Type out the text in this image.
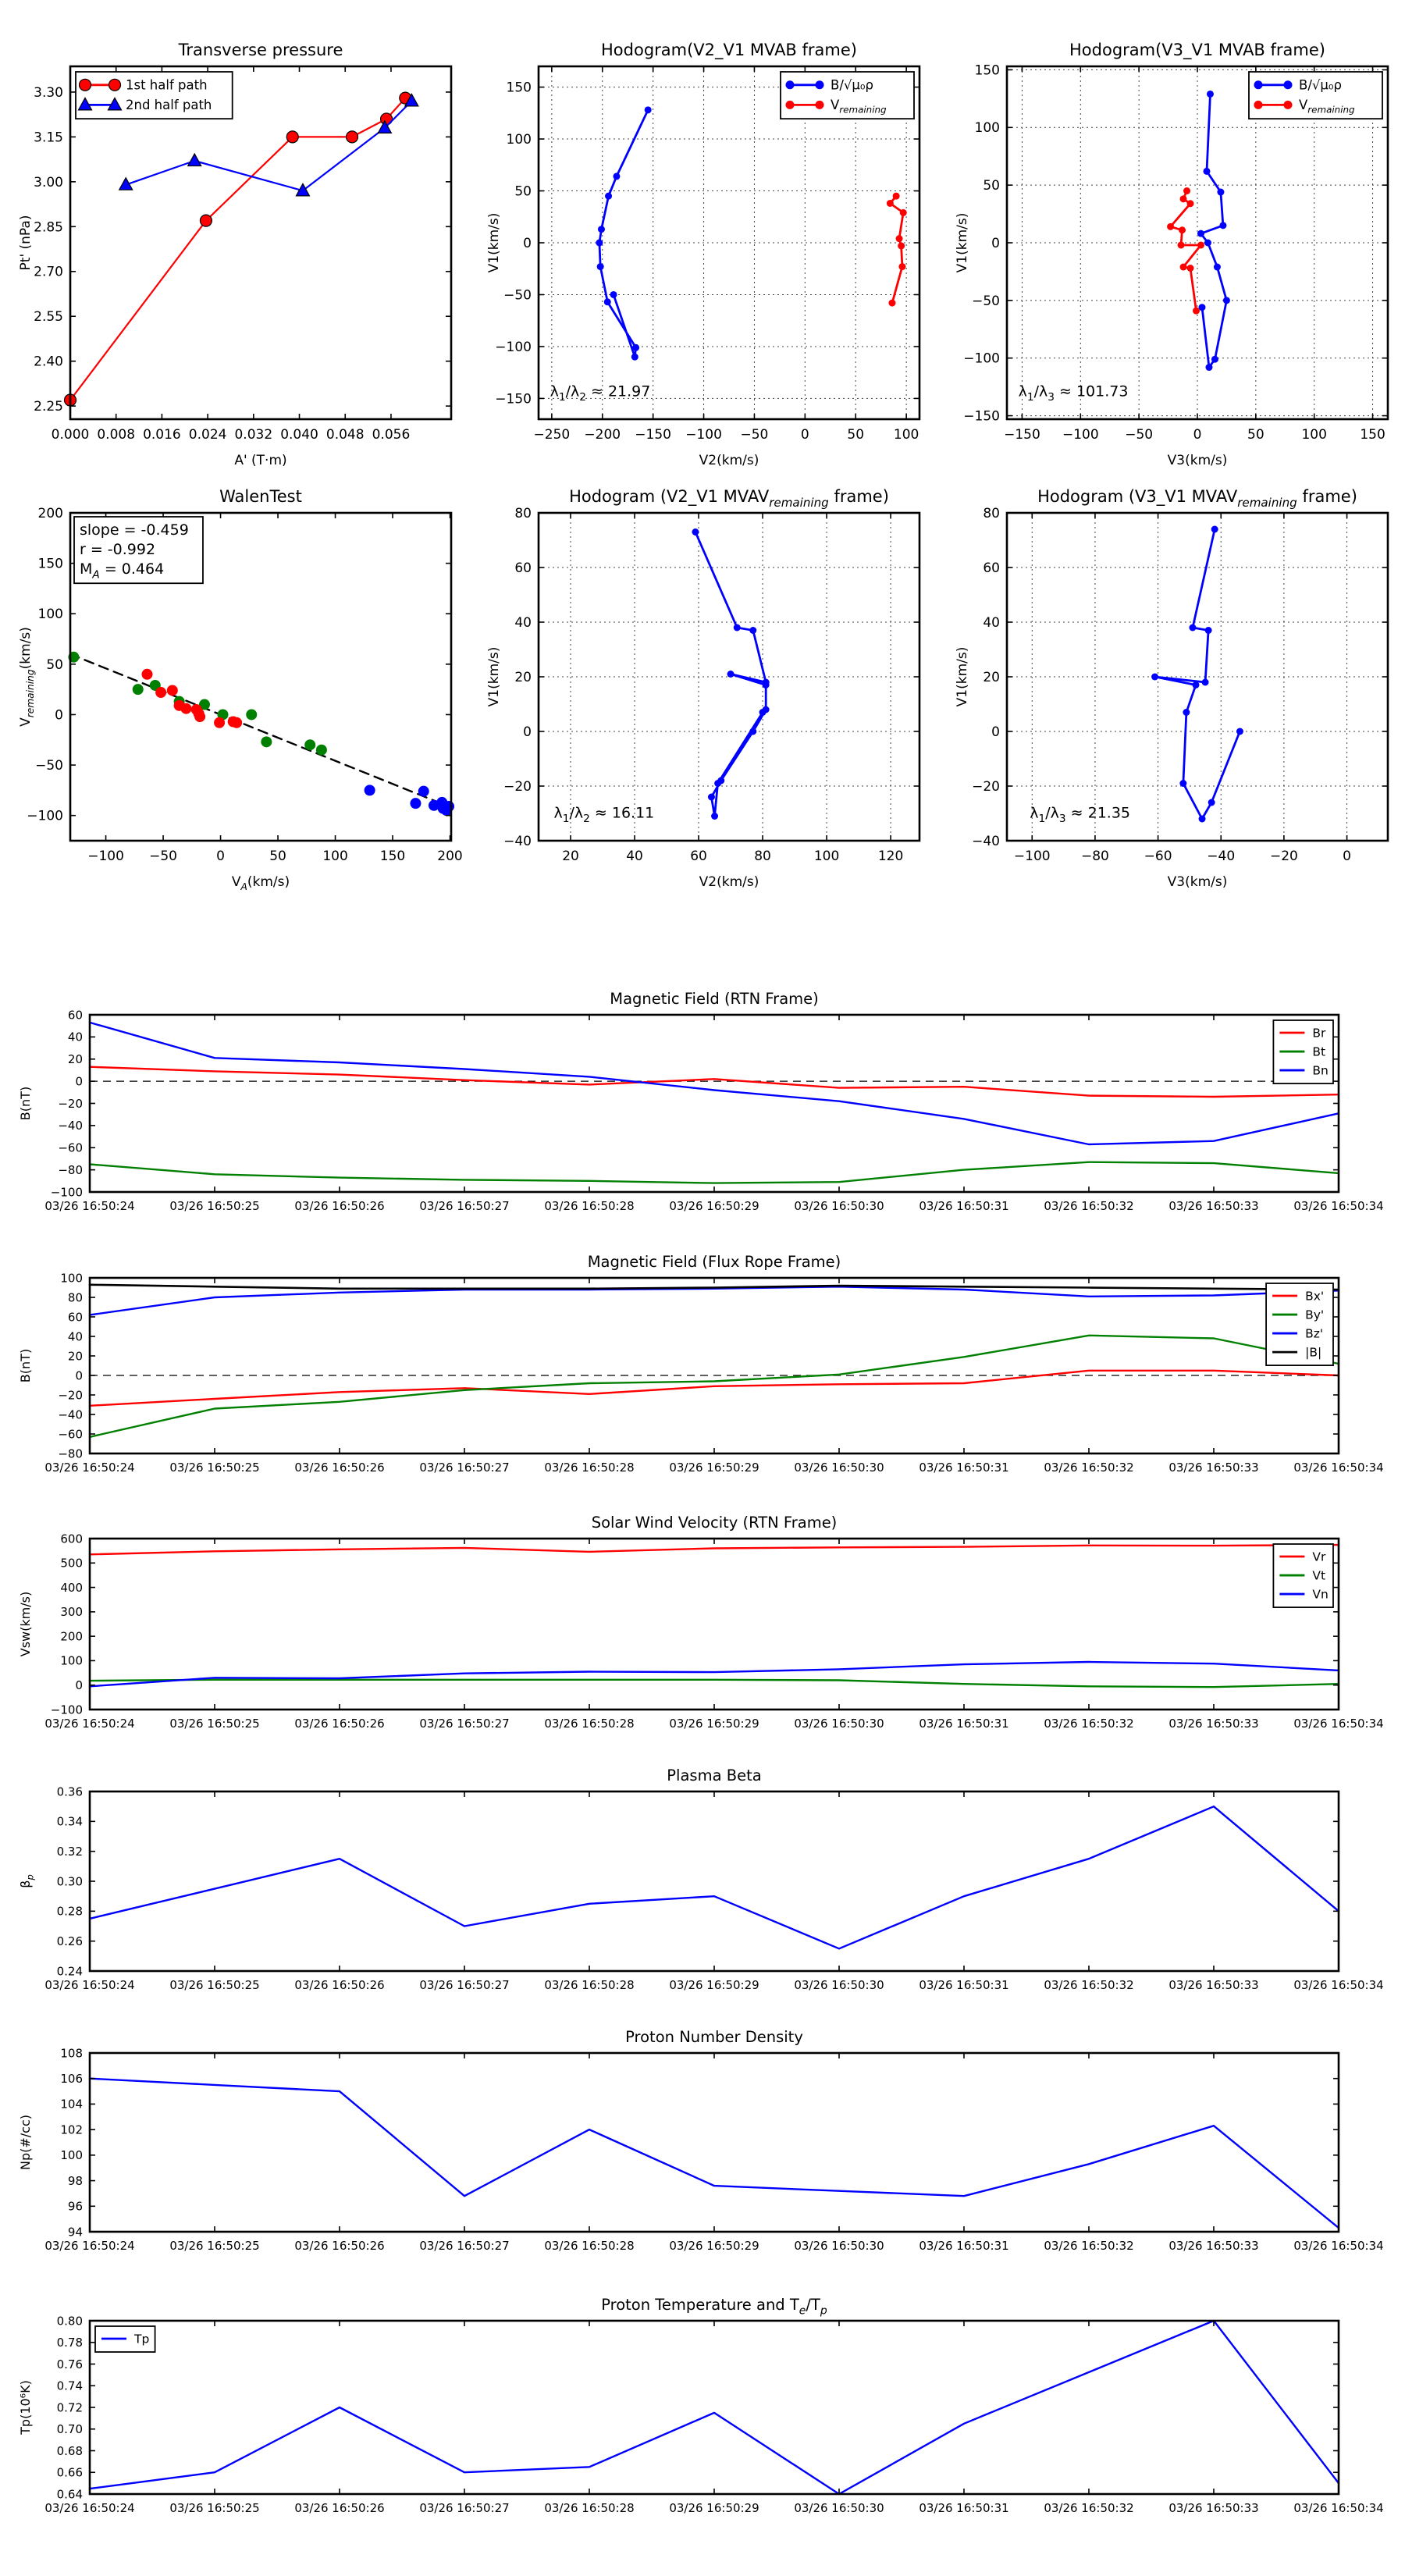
0.000 0.008 0.016 0.024 0.032 0.040 0.048 0.056
2.25
2.40
2.55
2.70
2.85
3.00
3.15
3.30
Transverse pressure
A' (T·m)
Pt' (nPa)
1st half path
2nd half path
−250 −200 −150 −100 −50 0	50 100
−150
−100
−50
0
50
100
150
Hodogram(V2_V1 MVAB frame)
V2(km/s)
V1(km/s)
B/√μ₀ρ
$V_{remaining}$
$\lambda_1/\lambda_2 \approx 21.97$
−150 −100 −50	0	50	100 150
−150
−100
−50
0
50
100
150
Hodogram(V3_V1 MVAB frame)
V3(km/s)
V1(km/s)
B/√μ₀ρ
$V_{remaining}$
$\lambda_1/\lambda_3 \approx 101.73$
−100 −50	0	50	100 150 200
−100
−50
0
50
100
150
200
WalenTest
$V_A(km/s)$
$V_{remaining}(km/s)$
slope = -0.459
r = -0.992
$M_A = 0.464$
20	40	60	80	100	120
−40
−20
0
20
40
60
80
Hodogram (V2_V1 $MVAV_{remaining}$ frame)
V2(km/s)
V1(km/s)
$\lambda_1/\lambda_2 \approx 16.11$
−100 −80	−60	−40	−20	0
−40
−20
0
20
40
60
80
Hodogram (V3_V1 $MVAV_{remaining}$ frame)
V3(km/s)
V1(km/s)
$\lambda_1/\lambda_3 \approx 21.35$
03/26 16:50:24	03/26 16:50:25	03/26 16:50:26	03/26 16:50:27	03/26 16:50:28	03/26 16:50:29	03/26 16:50:30	03/26 16:50:31	03/26 16:50:32	03/26 16:50:33	03/26 16:50:34
−100
−80
−60
−40
−20
0
20
40
60
Magnetic Field (RTN Frame)
B(nT)
Br
Bt
Bn
03/26 16:50:24	03/26 16:50:25	03/26 16:50:26	03/26 16:50:27	03/26 16:50:28	03/26 16:50:29	03/26 16:50:30	03/26 16:50:31	03/26 16:50:32	03/26 16:50:33	03/26 16:50:34
−80
−60
−40
−20
0
20
40
60
80
100
Magnetic Field (Flux Rope Frame)
B(nT)
Bx'
By'
Bz'
|B|
03/26 16:50:24	03/26 16:50:25	03/26 16:50:26	03/26 16:50:27	03/26 16:50:28	03/26 16:50:29	03/26 16:50:30	03/26 16:50:31	03/26 16:50:32	03/26 16:50:33	03/26 16:50:34
−100
0
100
200
300
400
500
600
Solar Wind Velocity (RTN Frame)
Vsw(km/s)
Vr
Vt
Vn
03/26 16:50:24	03/26 16:50:25	03/26 16:50:26	03/26 16:50:27	03/26 16:50:28	03/26 16:50:29	03/26 16:50:30	03/26 16:50:31	03/26 16:50:32	03/26 16:50:33	03/26 16:50:34
0.24
0.26
0.28
0.30
0.32
0.34
0.36
Plasma Beta
$\beta_p$
03/26 16:50:24	03/26 16:50:25	03/26 16:50:26	03/26 16:50:27	03/26 16:50:28	03/26 16:50:29	03/26 16:50:30	03/26 16:50:31	03/26 16:50:32	03/26 16:50:33	03/26 16:50:34
94
96
98
100
102
104
106
108
Proton Number Density
Np(#/cc)
03/26 16:50:24	03/26 16:50:25	03/26 16:50:26	03/26 16:50:27	03/26 16:50:28	03/26 16:50:29	03/26 16:50:30	03/26 16:50:31	03/26 16:50:32	03/26 16:50:33	03/26 16:50:34
0.64
0.66
0.68
0.70
0.72
0.74
0.76
0.78
0.80
Proton Temperature and $T_e/T_p$
Tp(10⁶K)
Tp
